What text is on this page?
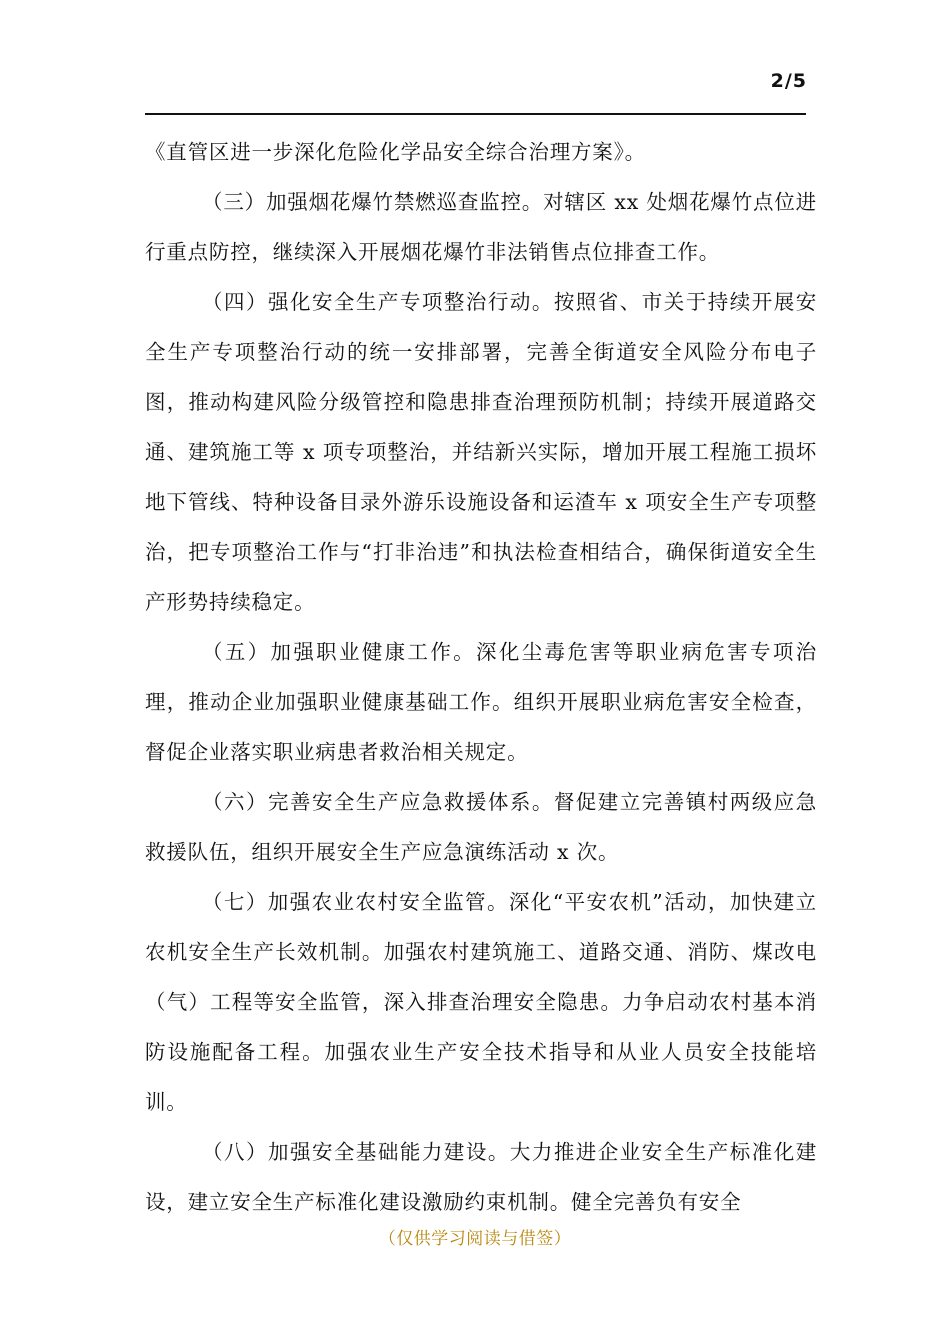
2/5

《直管区进一步深化危险化学品安全综合治理方案》。

（三）加强烟花爆竹禁燃巡查监控。对辖区 xx 处烟花爆竹点位进行重点防控，继续深入开展烟花爆竹非法销售点位排查工作。

（四）强化安全生产专项整治行动。按照省、市关于持续开展安全生产专项整治行动的统一安排部署，完善全街道安全风险分布电子图，推动构建风险分级管控和隐患排查治理预防机制；持续开展道路交通、建筑施工等 x 项专项整治，并结新兴实际，增加开展工程施工损坏地下管线、特种设备目录外游乐设施设备和运渣车 x 项安全生产专项整治，把专项整治工作与“打非治违”和执法检查相结合，确保街道安全生产形势持续稳定。

（五）加强职业健康工作。深化尘毒危害等职业病危害专项治理，推动企业加强职业健康基础工作。组织开展职业病危害安全检查，督促企业落实职业病患者救治相关规定。

（六）完善安全生产应急救援体系。督促建立完善镇村两级应急救援队伍，组织开展安全生产应急演练活动 x 次。

（七）加强农业农村安全监管。深化“平安农机”活动，加快建立农机安全生产长效机制。加强农村建筑施工、道路交通、消防、煤改电（气）工程等安全监管，深入排查治理安全隐患。力争启动农村基本消防设施配备工程。加强农业生产安全技术指导和从业人员安全技能培训。

（八）加强安全基础能力建设。大力推进企业安全生产标准化建设，建立安全生产标准化建设激励约束机制。健全完善负有安全

（仅供学习阅读与借签）
